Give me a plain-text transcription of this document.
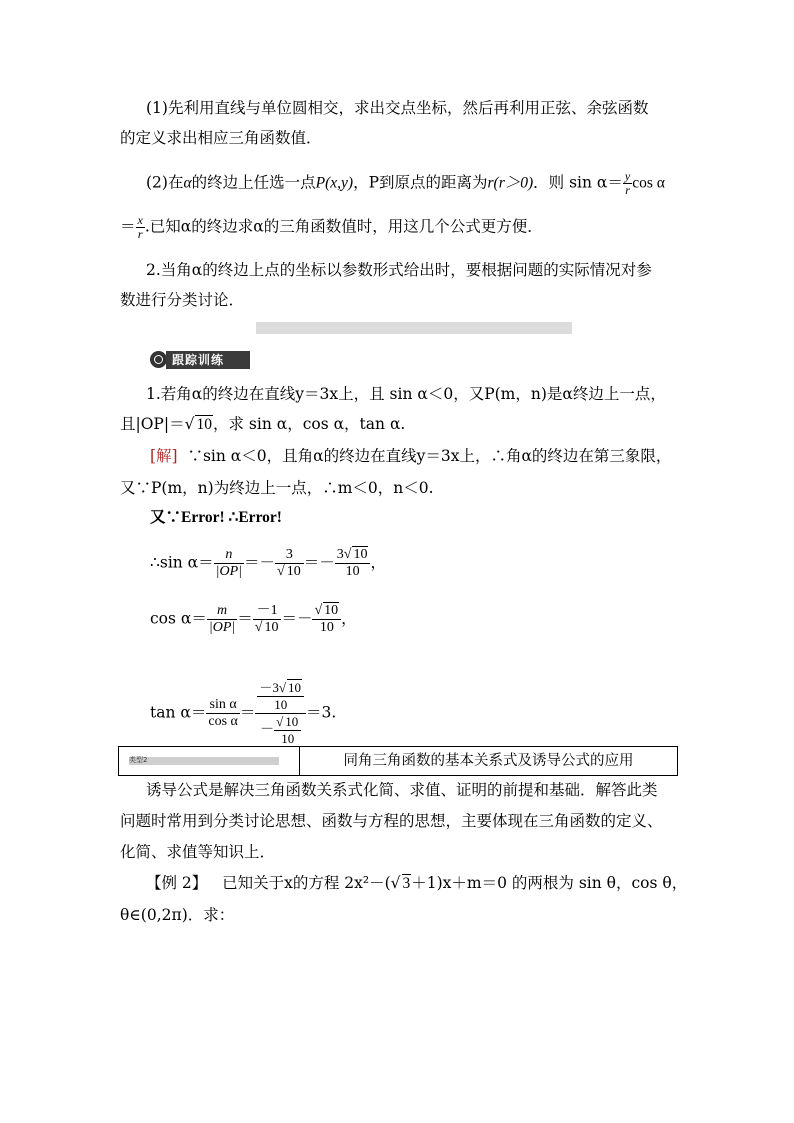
(1)先利用直线与单位圆相交，求出交点坐标，然后再利用正弦、余弦函数
的定义求出相应三角函数值．
(2)在α的终边上任选一点P(x,y)，P到原点的距离为r(r＞0)．则 $\sin \alpha= \frac{y}{r}$ cos α
＝ $\frac{x}{r}$ .已知α的终边求α的三角函数值时，用这几个公式更方便．
2.当角α的终边上点的坐标以参数形式给出时，要根据问题的实际情况对参
数进行分类讨论．
跟踪训练
1.若角α的终边在直线y＝3x上，且 sin α＜0，又P(m，n)是α终边上一点，
且|OP|＝√ 10，求 sin α，cos α，tan α.
[解] ∵sin α＜0，且角α的终边在直线y＝3x上，∴角α的终边在第三象限，
又∵P(m，n)为终边上一点，∴m＜0，n＜0.
又∵Error! ∴Error!
∴sin $\alpha= \frac{n}{|OP|} =- \frac{3}{√ 10} =- \frac{3√ 10}{10}$ ，
$\cos \alpha= \frac{m}{|OP|} = \frac{-1}{√ 10} =- \frac{√ 10}{10}$ ，
$\tan \alpha= \frac{\text{sin α}}{\text{cos α}} = \frac{\frac{-3√ 10}{10}}{- \frac{√ 10}{10}} =3$.
类型2	同角三角函数的基本关系式及诱导公式的应用
诱导公式是解决三角函数关系式化简、求值、证明的前提和基础．解答此类
问题时常用到分类讨论思想、函数与方程的思想，主要体现在三角函数的定义、
化简、求值等知识上．
【例 2】 已知关于x的方程 2x²－(√ 3＋1)x＋m＝0 的两根为 sin θ，cos θ，
θ∈(0,2π)．求：
